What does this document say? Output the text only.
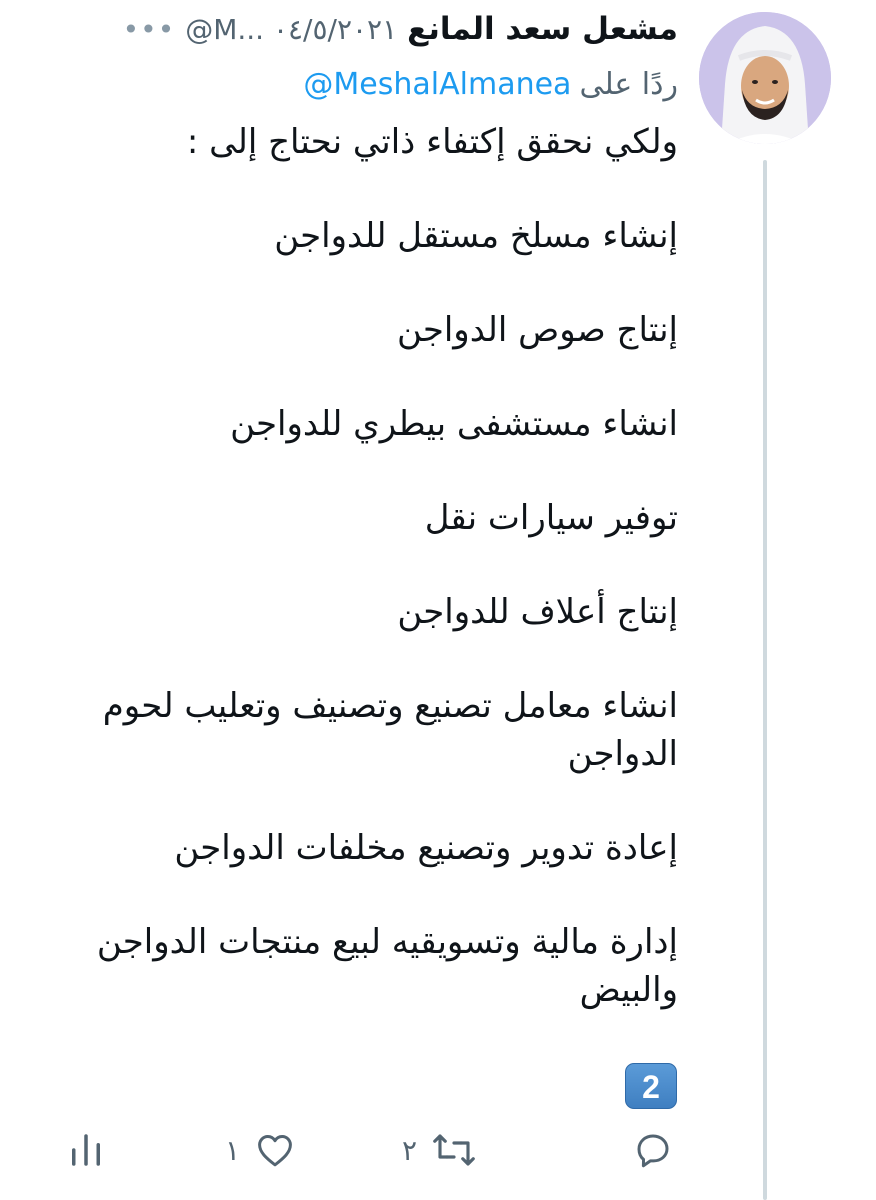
مشعل سعد المانع
@M... ٠٤/٥/٢٠٢١
•••
ردًا على
@MeshalAlmanea

ولكي نحقق إكتفاء ذاتي نحتاج إلى :

إنشاء مسلخ مستقل للدواجن

إنتاج صوص الدواجن

انشاء مستشفى بيطري للدواجن

توفير سيارات نقل

إنتاج أعلاف للدواجن

انشاء معامل تصنيع وتصنيف وتعليب لحوم الدواجن

إعادة تدوير وتصنيع مخلفات الدواجن

إدارة مالية وتسويقيه لبيع منتجات الدواجن والبيض

2
٢
١
